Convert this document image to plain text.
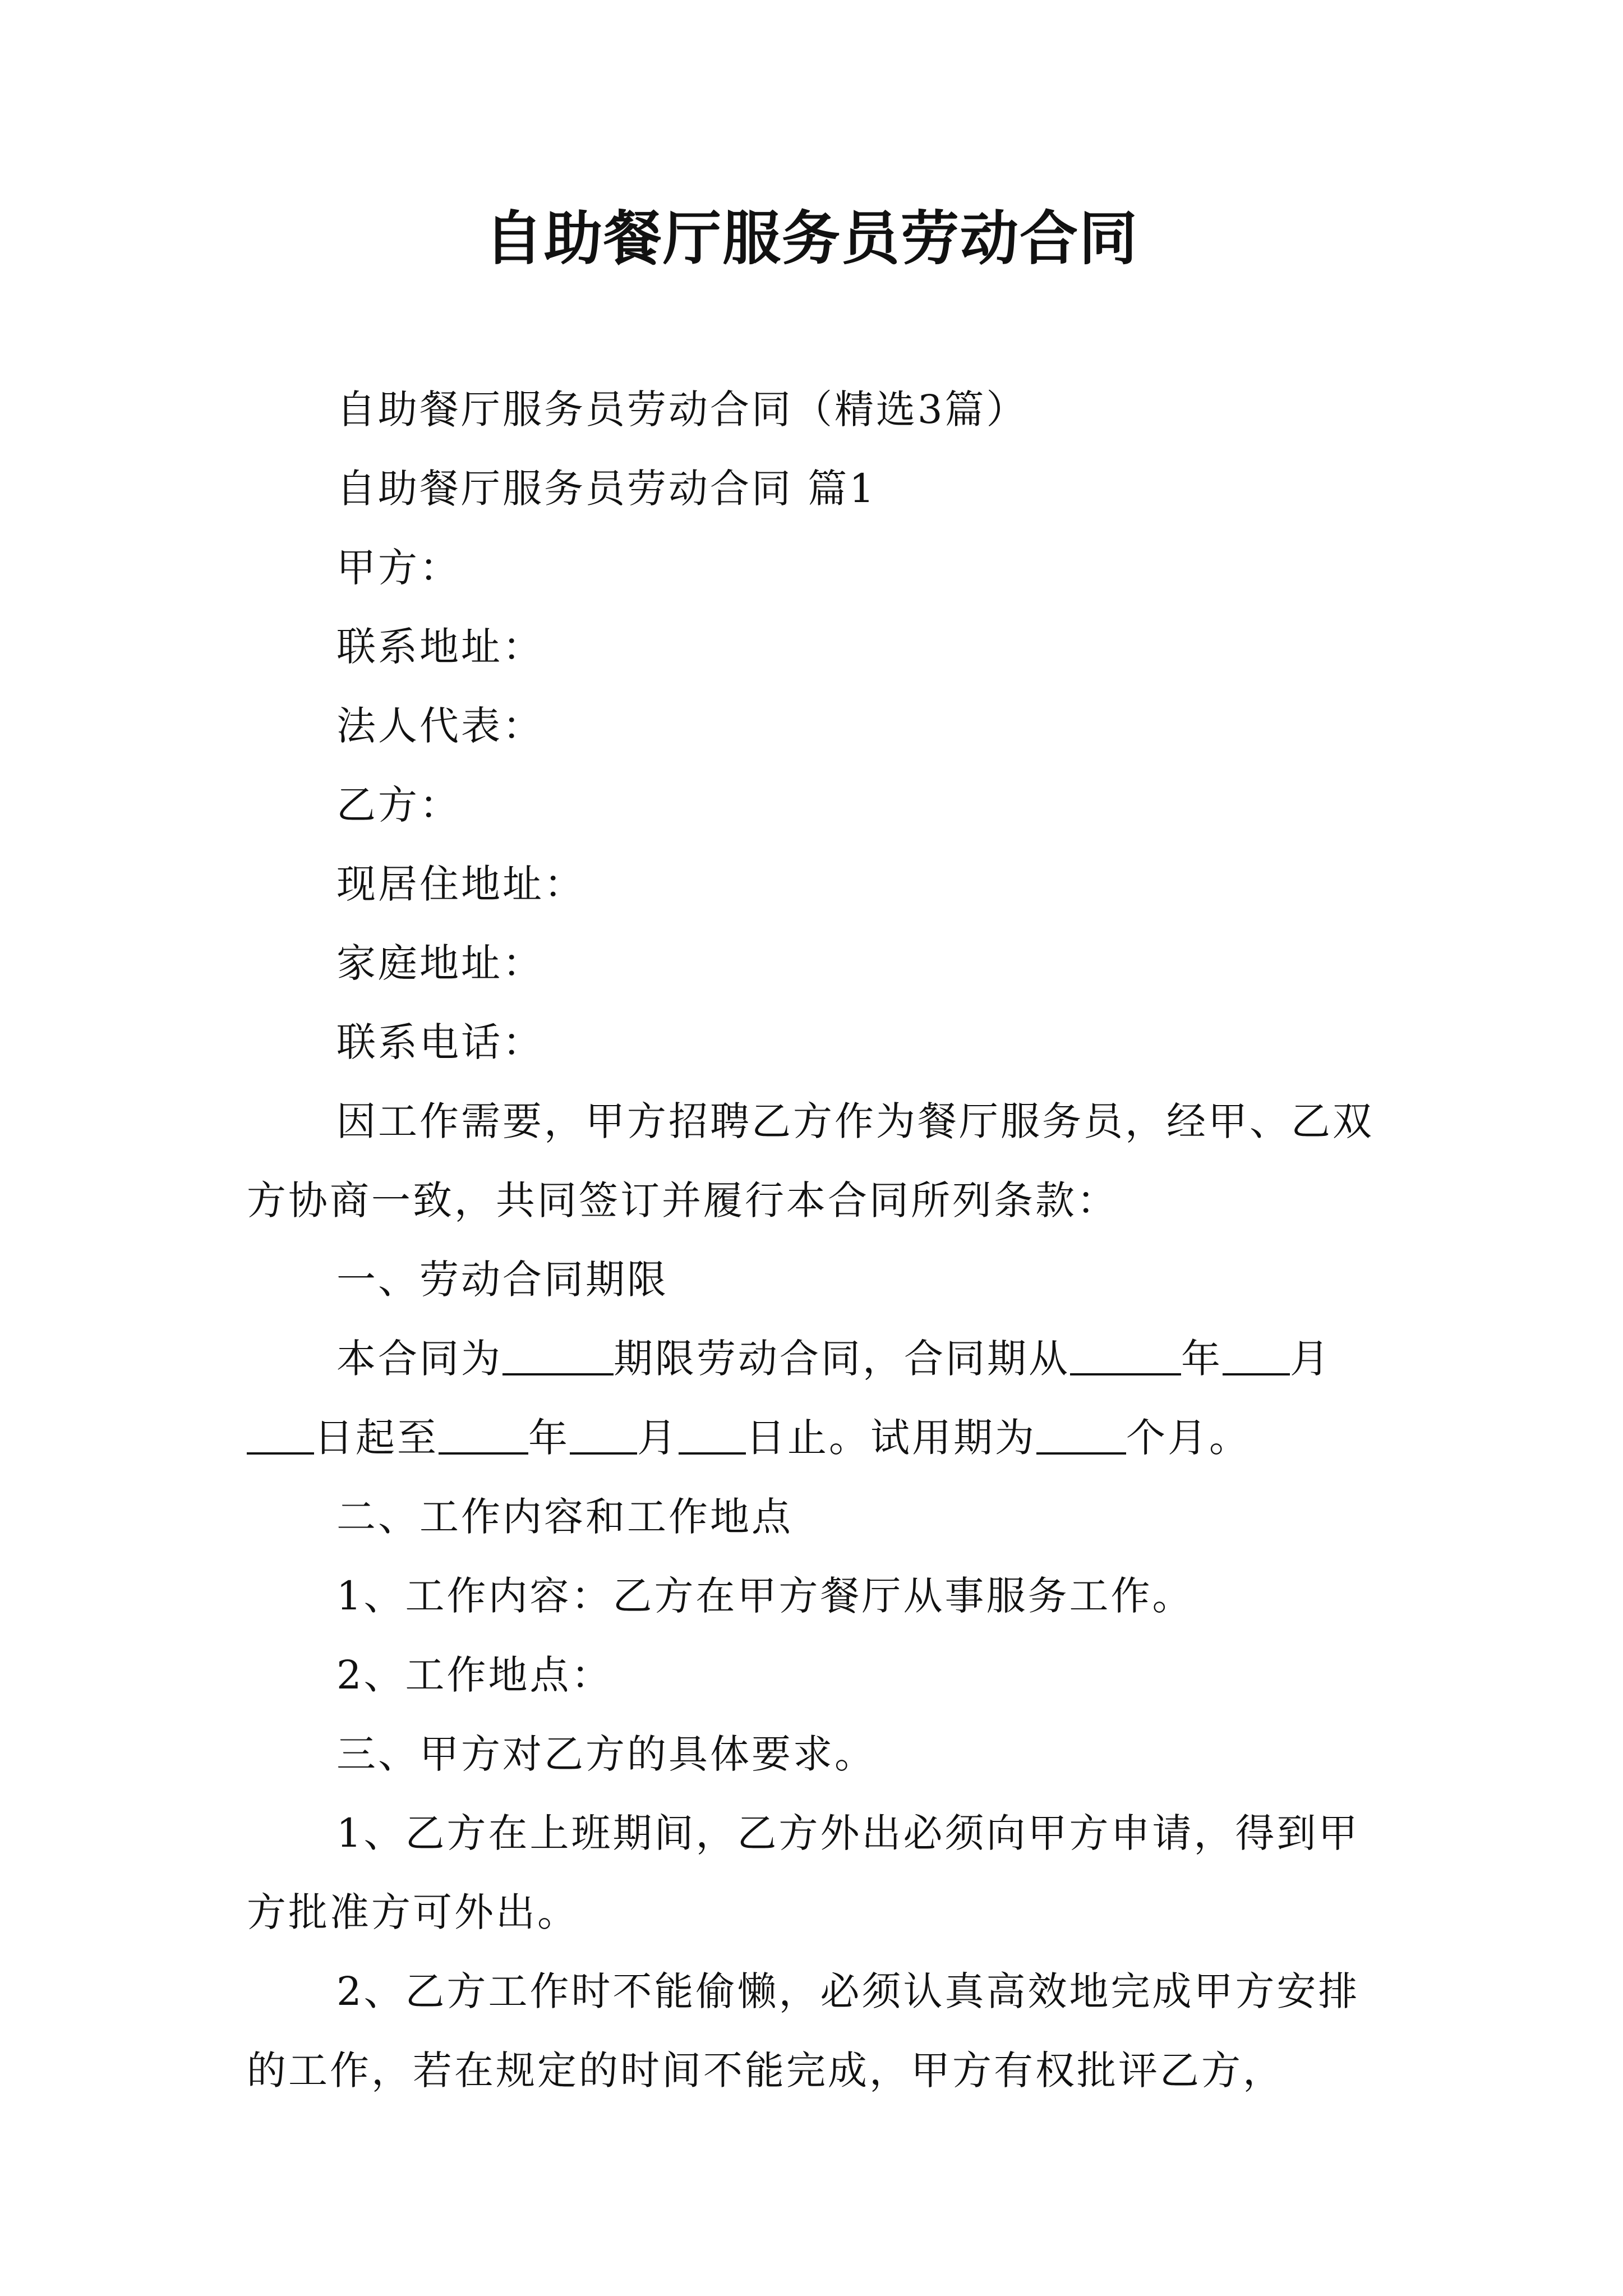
自助餐厅服务员劳动合同

自助餐厅服务员劳动合同（精选3篇）

自助餐厅服务员劳动合同 篇1

甲方：

联系地址：

法人代表：

乙方：

现居住地址：

家庭地址：

联系电话：

因工作需要，甲方招聘乙方作为餐厅服务员，经甲、乙双方协商一致，共同签订并履行本合同所列条款：

一、劳动合同期限

本合同为	期限劳动合同，合同期从	年 月日起至 年 月 日止。试用期为 个月。

二、工作内容和工作地点

1、工作内容：乙方在甲方餐厅从事服务工作。

2、工作地点：

三、甲方对乙方的具体要求。

1、乙方在上班期间，乙方外出必须向甲方申请，得到甲方批准方可外出。

2、乙方工作时不能偷懒，必须认真高效地完成甲方安排的工作，若在规定的时间不能完成，甲方有权批评乙方，
